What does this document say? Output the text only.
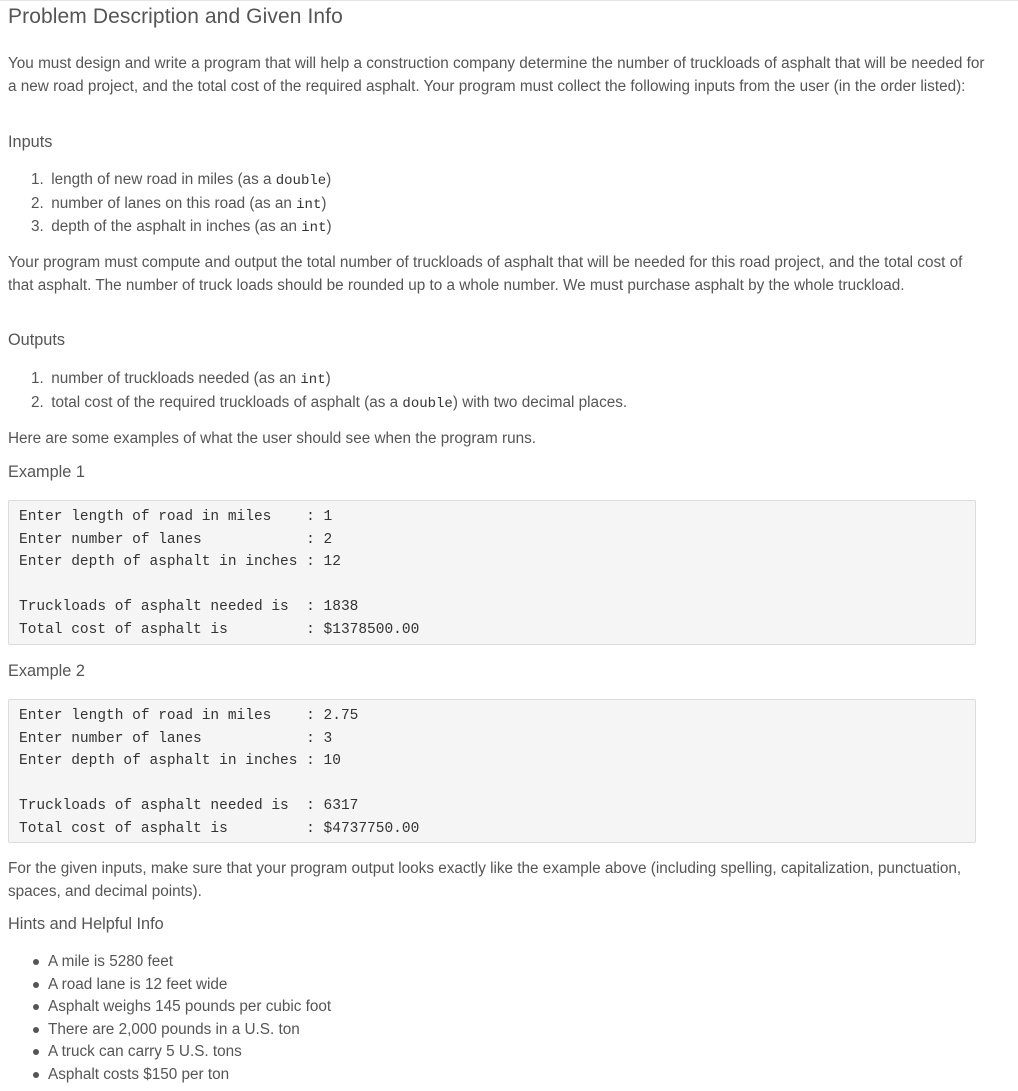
Problem Description and Given Info

You must design and write a program that will help a construction company determine the number of truckloads of asphalt that will be needed for a new road project, and the total cost of the required asphalt. Your program must collect the following inputs from the user (in the order listed):

Inputs
1. length of new road in miles (as a double)
2. number of lanes on this road (as an int)
3. depth of the asphalt in inches (as an int)

Your program must compute and output the total number of truckloads of asphalt that will be needed for this road project, and the total cost of that asphalt. The number of truck loads should be rounded up to a whole number. We must purchase asphalt by the whole truckload.

Outputs
1. number of truckloads needed (as an int)
2. total cost of the required truckloads of asphalt (as a double) with two decimal places.

Here are some examples of what the user should see when the program runs.

Example 1
Enter length of road in miles    : 1
Enter number of lanes            : 2
Enter depth of asphalt in inches : 12
Truckloads of asphalt needed is  : 1838
Total cost of asphalt is         : $1378500.00
Example 2
Enter length of road in miles    : 2.75
Enter number of lanes            : 3
Enter depth of asphalt in inches : 10
Truckloads of asphalt needed is  : 6317
Total cost of asphalt is         : $4737750.00

For the given inputs, make sure that your program output looks exactly like the example above (including spelling, capitalization, punctuation, spaces, and decimal points).

Hints and Helpful Info
A mile is 5280 feet
A road lane is 12 feet wide
Asphalt weighs 145 pounds per cubic foot
There are 2,000 pounds in a U.S. ton
A truck can carry 5 U.S. tons
Asphalt costs $150 per ton
